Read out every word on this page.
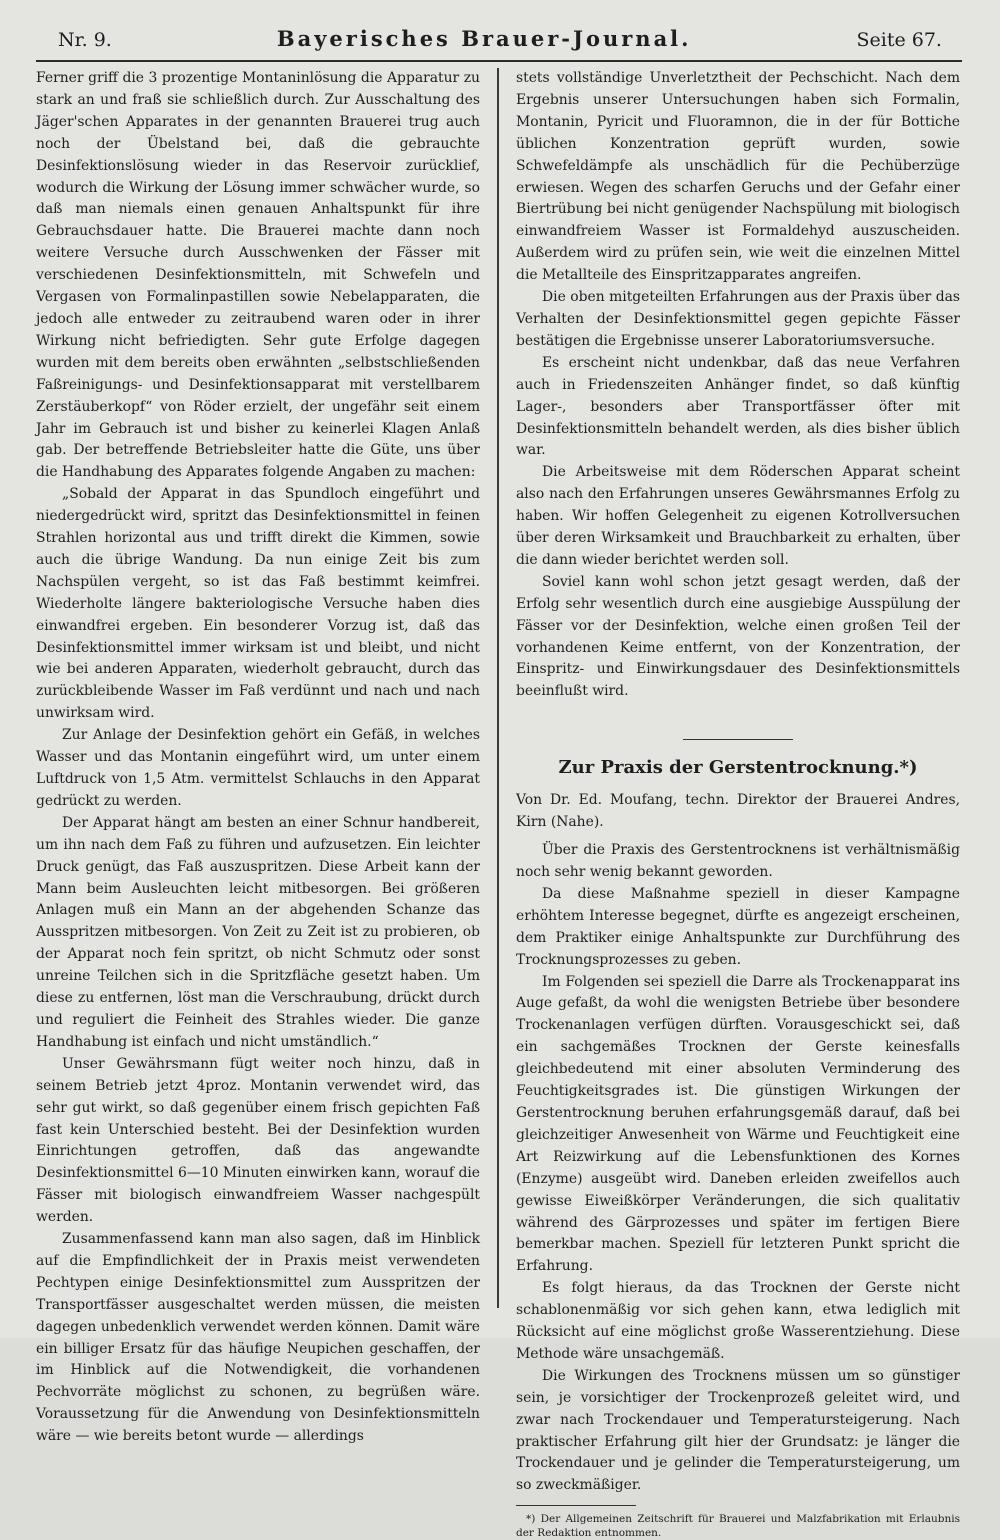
Nr. 9.	Bayerisches Brauer-Journal.	Seite 67.

Ferner griff die 3 prozentige Montaninlösung die Apparatur zu stark an und fraß sie schließlich durch. Zur Ausschaltung des Jäger'schen Apparates in der genannten Brauerei trug auch noch der Übelstand bei, daß die gebrauchte Desinfektionslösung wieder in das Reservoir zurücklief, wodurch die Wirkung der Lösung immer schwächer wurde, so daß man niemals einen genauen Anhaltspunkt für ihre Gebrauchsdauer hatte. Die Brauerei machte dann noch weitere Versuche durch Ausschwenken der Fässer mit verschiedenen Desinfektionsmitteln, mit Schwefeln und Vergasen von Formalinpastillen sowie Nebelapparaten, die jedoch alle entweder zu zeitraubend waren oder in ihrer Wirkung nicht befriedigten. Sehr gute Erfolge dagegen wurden mit dem bereits oben erwähnten „selbstschließenden Faßreinigungs- und Desinfektionsapparat mit verstellbarem Zerstäuberkopf“ von Röder erzielt, der ungefähr seit einem Jahr im Gebrauch ist und bisher zu keinerlei Klagen Anlaß gab. Der betreffende Betriebsleiter hatte die Güte, uns über die Handhabung des Apparates folgende Angaben zu machen:

„Sobald der Apparat in das Spundloch eingeführt und niedergedrückt wird, spritzt das Desinfektionsmittel in feinen Strahlen horizontal aus und trifft direkt die Kimmen, sowie auch die übrige Wandung. Da nun einige Zeit bis zum Nachspülen vergeht, so ist das Faß bestimmt keimfrei. Wiederholte längere bakteriologische Versuche haben dies einwandfrei ergeben. Ein besonderer Vorzug ist, daß das Desinfektionsmittel immer wirksam ist und bleibt, und nicht wie bei anderen Apparaten, wiederholt gebraucht, durch das zurückbleibende Wasser im Faß verdünnt und nach und nach unwirksam wird.

Zur Anlage der Desinfektion gehört ein Gefäß, in welches Wasser und das Montanin eingeführt wird, um unter einem Luftdruck von 1,5 Atm. vermittelst Schlauchs in den Apparat gedrückt zu werden.

Der Apparat hängt am besten an einer Schnur handbereit, um ihn nach dem Faß zu führen und aufzusetzen. Ein leichter Druck genügt, das Faß auszuspritzen. Diese Arbeit kann der Mann beim Ausleuchten leicht mitbesorgen. Bei größeren Anlagen muß ein Mann an der abgehenden Schanze das Ausspritzen mitbesorgen. Von Zeit zu Zeit ist zu probieren, ob der Apparat noch fein spritzt, ob nicht Schmutz oder sonst unreine Teilchen sich in die Spritzfläche gesetzt haben. Um diese zu entfernen, löst man die Verschraubung, drückt durch und reguliert die Feinheit des Strahles wieder. Die ganze Handhabung ist einfach und nicht umständlich.“

Unser Gewährsmann fügt weiter noch hinzu, daß in seinem Betrieb jetzt 4proz. Montanin verwendet wird, das sehr gut wirkt, so daß gegenüber einem frisch gepichten Faß fast kein Unterschied besteht. Bei der Desinfektion wurden Einrichtungen getroffen, daß das angewandte Desinfektionsmittel 6—10 Minuten einwirken kann, worauf die Fässer mit biologisch einwandfreiem Wasser nachgespült werden.

Zusammenfassend kann man also sagen, daß im Hinblick auf die Empfindlichkeit der in Praxis meist verwendeten Pechtypen einige Desinfektionsmittel zum Ausspritzen der Transportfässer ausgeschaltet werden müssen, die meisten dagegen unbedenklich verwendet werden können. Damit wäre ein billiger Ersatz für das häufige Neupichen geschaffen, der im Hinblick auf die Notwendigkeit, die vorhandenen Pechvorräte möglichst zu schonen, zu begrüßen wäre. Voraussetzung für die Anwendung von Desinfektionsmitteln wäre — wie bereits betont wurde — allerdings

stets vollständige Unverletztheit der Pechschicht. Nach dem Ergebnis unserer Untersuchungen haben sich Formalin, Montanin, Pyricit und Fluoramnon, die in der für Bottiche üblichen Konzentration geprüft wurden, sowie Schwefeldämpfe als unschädlich für die Pechüberzüge erwiesen. Wegen des scharfen Geruchs und der Gefahr einer Biertrübung bei nicht genügender Nachspülung mit biologisch einwandfreiem Wasser ist Formaldehyd auszuscheiden. Außerdem wird zu prüfen sein, wie weit die einzelnen Mittel die Metallteile des Einspritzapparates angreifen.

Die oben mitgeteilten Erfahrungen aus der Praxis über das Verhalten der Desinfektionsmittel gegen gepichte Fässer bestätigen die Ergebnisse unserer Laboratoriumsversuche.

Es erscheint nicht undenkbar, daß das neue Verfahren auch in Friedenszeiten Anhänger findet, so daß künftig Lager-, besonders aber Transportfässer öfter mit Desinfektionsmitteln behandelt werden, als dies bisher üblich war.

Die Arbeitsweise mit dem Röderschen Apparat scheint also nach den Erfahrungen unseres Gewährsmannes Erfolg zu haben. Wir hoffen Gelegenheit zu eigenen Kotrollversuchen über deren Wirksamkeit und Brauchbarkeit zu erhalten, über die dann wieder berichtet werden soll.

Soviel kann wohl schon jetzt gesagt werden, daß der Erfolg sehr wesentlich durch eine ausgiebige Ausspülung der Fässer vor der Desinfektion, welche einen großen Teil der vorhandenen Keime entfernt, von der Konzentration, der Einspritz- und Einwirkungsdauer des Desinfektionsmittels beeinflußt wird.

Zur Praxis der Gerstentrocknung.*)

Von Dr. Ed. Moufang, techn. Direktor der Brauerei Andres, Kirn (Nahe).

Über die Praxis des Gerstentrocknens ist verhältnismäßig noch sehr wenig bekannt geworden.

Da diese Maßnahme speziell in dieser Kampagne erhöhtem Interesse begegnet, dürfte es angezeigt erscheinen, dem Praktiker einige Anhaltspunkte zur Durchführung des Trocknungsprozesses zu geben.

Im Folgenden sei speziell die Darre als Trockenapparat ins Auge gefaßt, da wohl die wenigsten Betriebe über besondere Trockenanlagen verfügen dürften. Vorausgeschickt sei, daß ein sachgemäßes Trocknen der Gerste keinesfalls gleichbedeutend mit einer absoluten Verminderung des Feuchtigkeitsgrades ist. Die günstigen Wirkungen der Gerstentrocknung beruhen erfahrungsgemäß darauf, daß bei gleichzeitiger Anwesenheit von Wärme und Feuchtigkeit eine Art Reizwirkung auf die Lebensfunktionen des Kornes (Enzyme) ausgeübt wird. Daneben erleiden zweifellos auch gewisse Eiweißkörper Veränderungen, die sich qualitativ während des Gärprozesses und später im fertigen Biere bemerkbar machen. Speziell für letzteren Punkt spricht die Erfahrung.

Es folgt hieraus, da das Trocknen der Gerste nicht schablonenmäßig vor sich gehen kann, etwa lediglich mit Rücksicht auf eine möglichst große Wasserentziehung. Diese Methode wäre unsachgemäß.

Die Wirkungen des Trocknens müssen um so günstiger sein, je vorsichtiger der Trockenprozeß geleitet wird, und zwar nach Trockendauer und Temperatursteigerung. Nach praktischer Erfahrung gilt hier der Grundsatz: je länger die Trockendauer und je gelinder die Temperatursteigerung, um so zweckmäßiger.

*) Der Allgemeinen Zeitschrift für Brauerei und Malzfabrikation mit Erlaubnis der Redaktion entnommen.
